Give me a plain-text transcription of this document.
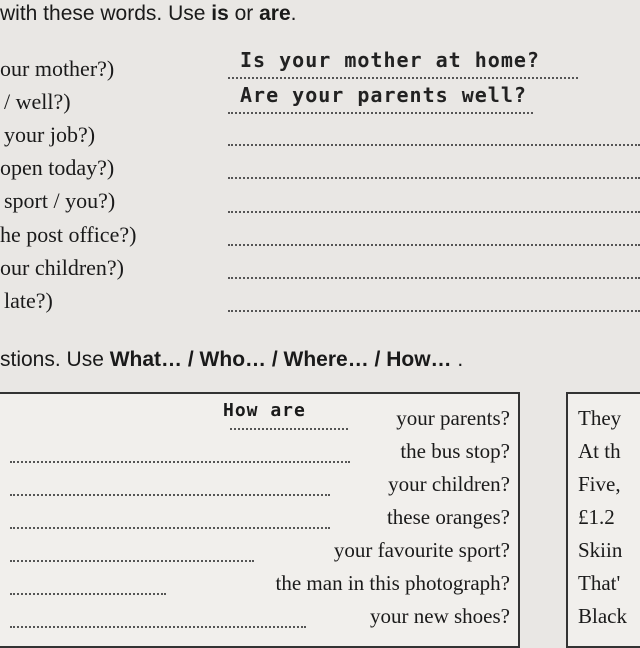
with these words. Use is or are.
our mother?)
/ well?)
your job?)
open today?)
sport / you?)
he post office?)
our children?)
late?)
Is your mother at home?
Are your parents well?
stions. Use What… / Who… / Where… / How… .
How are	your parents?
the bus stop?
your children?
these oranges?
your favourite sport?
the man in this photograph?
your new shoes?
They
At th
Five,
£1.2
Skiin
That'
Black
